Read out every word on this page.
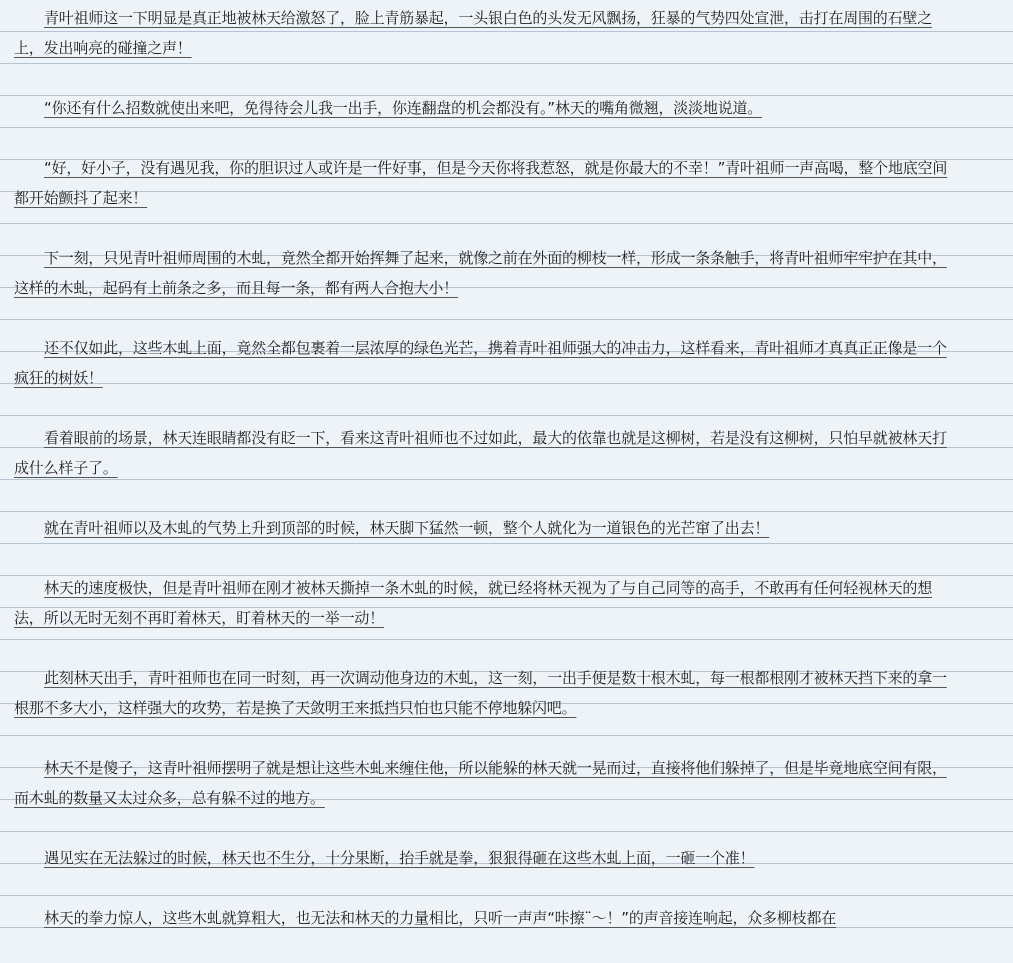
青叶祖师这一下明显是真正地被林天给激怒了，脸上青筋暴起，一头银白色的头发无风飘扬，狂暴的气势四处宣泄，击打在周围的石壁之上，发出响亮的碰撞之声！

“你还有什么招数就使出来吧，免得待会儿我一出手，你连翻盘的机会都没有。”林天的嘴角微翘，淡淡地说道。

“好，好小子，没有遇见我，你的胆识过人或许是一件好事，但是今天你将我惹怒，就是你最大的不幸！”青叶祖师一声高喝，整个地底空间都开始颤抖了起来！

下一刻，只见青叶祖师周围的木虬，竟然全都开始挥舞了起来，就像之前在外面的柳枝一样，形成一条条触手，将青叶祖师牢牢护在其中，这样的木虬，起码有上前条之多，而且每一条，都有两人合抱大小！

还不仅如此，这些木虬上面，竟然全都包裹着一层浓厚的绿色光芒，携着青叶祖师强大的冲击力，这样看来，青叶祖师才真真正正像是一个疯狂的树妖！

看着眼前的场景，林天连眼睛都没有眨一下，看来这青叶祖师也不过如此，最大的依靠也就是这柳树，若是没有这柳树，只怕早就被林天打成什么样子了。

就在青叶祖师以及木虬的气势上升到顶部的时候，林天脚下猛然一顿，整个人就化为一道银色的光芒窜了出去！

林天的速度极快，但是青叶祖师在刚才被林天撕掉一条木虬的时候，就已经将林天视为了与自己同等的高手，不敢再有任何轻视林天的想法，所以无时无刻不再盯着林天，盯着林天的一举一动！

此刻林天出手，青叶祖师也在同一时刻，再一次调动他身边的木虬，这一刻，一出手便是数十根木虬，每一根都根刚才被林天挡下来的拿一根那不多大小，这样强大的攻势，若是换了天敛明王来抵挡只怕也只能不停地躲闪吧。

林天不是傻子，这青叶祖师摆明了就是想让这些木虬来缠住他，所以能躲的林天就一晃而过，直接将他们躲掉了，但是毕竟地底空间有限，而木虬的数量又太过众多，总有躲不过的地方。

遇见实在无法躲过的时候，林天也不生分，十分果断，抬手就是拳，狠狠得砸在这些木虬上面，一砸一个准！

林天的拳力惊人，这些木虬就算粗大，也无法和林天的力量相比，只听一声声“咔擦¨～！”的声音接连响起，众多柳枝都在
